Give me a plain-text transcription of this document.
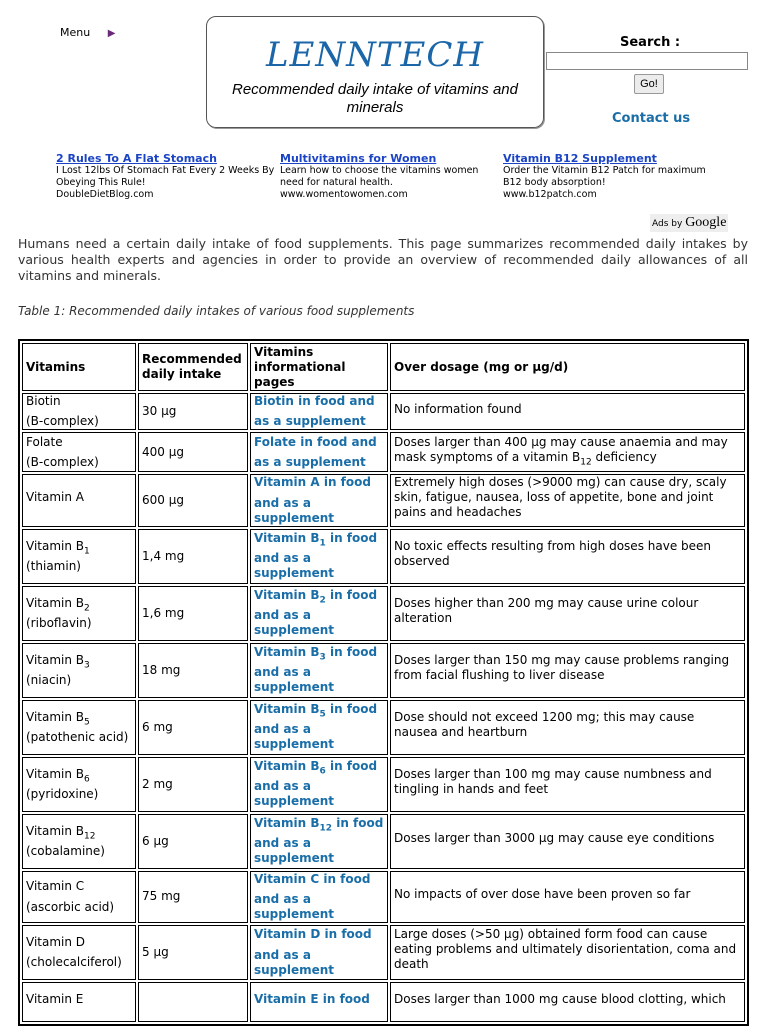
Menu ▶
LENNTECH
Recommended daily intake of vitamins and minerals
Search :
Go!
Contact us
2 Rules To A Flat Stomach
I Lost 12lbs Of Stomach Fat Every 2 Weeks By Obeying This Rule!
DoubleDietBlog.com
Multivitamins for Women
Learn how to choose the vitamins women need for natural health.
www.womentowomen.com
Vitamin B12 Supplement
Order the Vitamin B12 Patch for maximum B12 body absorption!
www.b12patch.com
Ads by Google
Humans need a certain daily intake of food supplements. This page summarizes recommended daily intakes by various health experts and agencies in order to provide an overview of recommended daily allowances of all vitamins and minerals.
Table 1: Recommended daily intakes of various food supplements
Vitamins	Recommended daily intake	Vitamins informational pages	Over dosage (mg or µg/d)
Biotin
(B-complex)	30 µg	Biotin in food and as a supplement	No information found
Folate
(B-complex)	400 µg	Folate in food and as a supplement	Doses larger than 400 µg may cause anaemia and may mask symptoms of a vitamin $B_{12}$ deficiency
Vitamin A	600 µg	Vitamin A in food and as a supplement	Extremely high doses (>9000 mg) can cause dry, scaly skin, fatigue, nausea, loss of appetite, bone and joint pains and headaches
Vitamin $B_1$
(thiamin)	1,4 mg	Vitamin $B_1$ in food and as a supplement	No toxic effects resulting from high doses have been observed
Vitamin $B_2$
(riboflavin)	1,6 mg	Vitamin $B_2$ in food and as a supplement	Doses higher than 200 mg may cause urine colour alteration
Vitamin $B_3$
(niacin)	18 mg	Vitamin $B_3$ in food and as a supplement	Doses larger than 150 mg may cause problems ranging from facial flushing to liver disease
Vitamin $B_5$
(patothenic acid)	6 mg	Vitamin $B_5$ in food and as a supplement	Dose should not exceed 1200 mg; this may cause nausea and heartburn
Vitamin $B_6$
(pyridoxine)	2 mg	Vitamin $B_6$ in food and as a supplement	Doses larger than 100 mg may cause numbness and tingling in hands and feet
Vitamin $B_{12}$
(cobalamine)	6 µg	Vitamin $B_{12}$ in food and as a supplement	Doses larger than 3000 µg may cause eye conditions
Vitamin C
(ascorbic acid)	75 mg	Vitamin C in food and as a supplement	No impacts of over dose have been proven so far
Vitamin D
(cholecalciferol)	5 µg	Vitamin D in food and as a supplement	Large doses (>50 µg) obtained form food can cause eating problems and ultimately disorientation, coma and death
Vitamin E		Vitamin E in food	Doses larger than 1000 mg cause blood clotting, which
